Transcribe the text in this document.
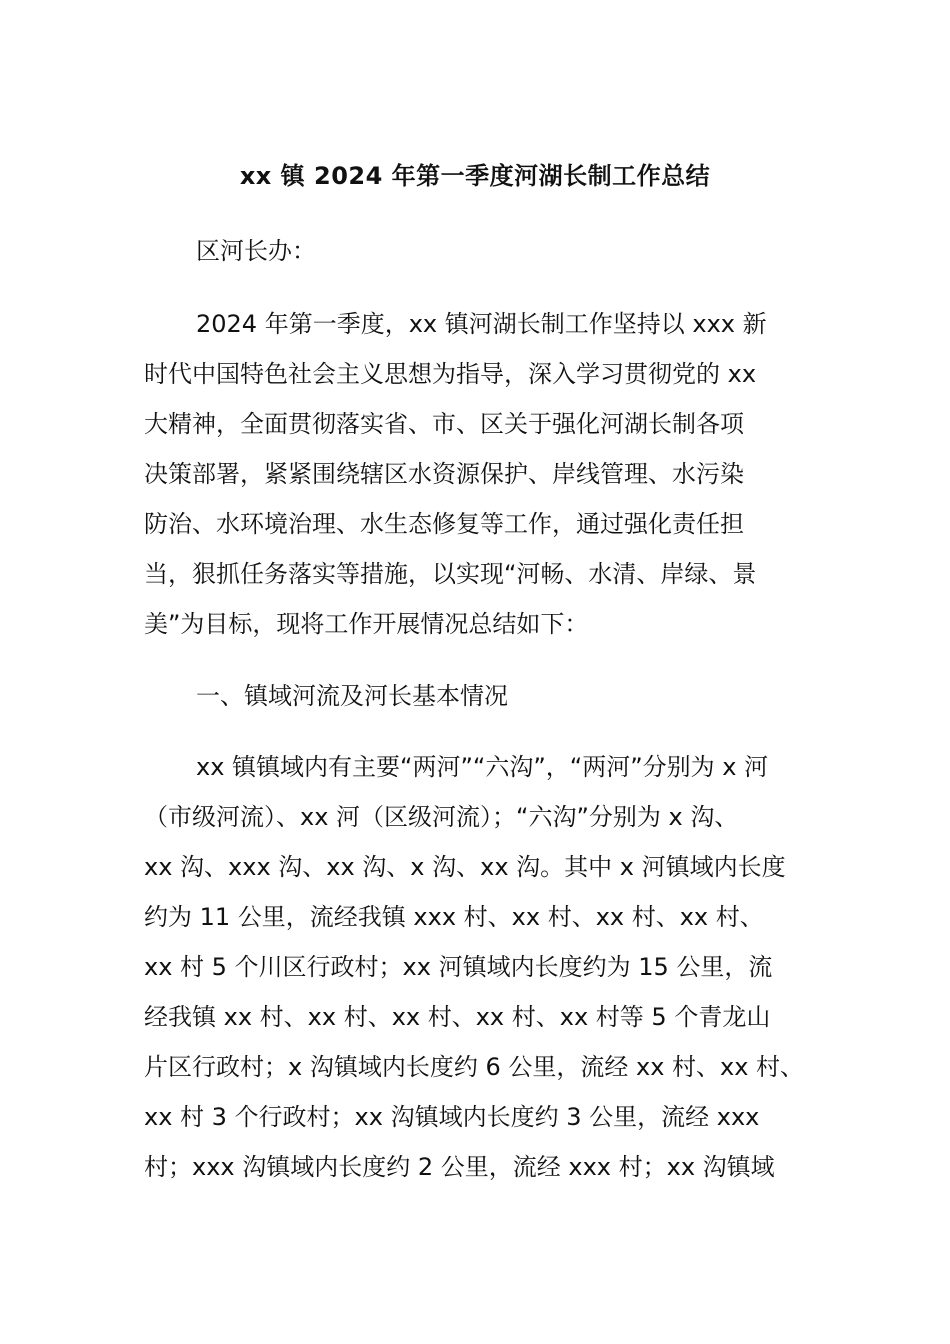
xx 镇 2024 年第一季度河湖长制工作总结
区河长办：
2024 年第一季度，xx 镇河湖长制工作坚持以 xxx 新
时代中国特色社会主义思想为指导，深入学习贯彻党的 xx
大精神，全面贯彻落实省、市、区关于强化河湖长制各项
决策部署，紧紧围绕辖区水资源保护、岸线管理、水污染
防治、水环境治理、水生态修复等工作，通过强化责任担
当，狠抓任务落实等措施，以实现“河畅、水清、岸绿、景
美”为目标，现将工作开展情况总结如下：
一、镇域河流及河长基本情况
xx 镇镇域内有主要“两河”“六沟”，“两河”分别为 x 河
（市级河流）、xx 河（区级河流）；“六沟”分别为 x 沟、
xx 沟、xxx 沟、xx 沟、x 沟、xx 沟。其中 x 河镇域内长度
约为 11 公里，流经我镇 xxx 村、xx 村、xx 村、xx 村、
xx 村 5 个川区行政村；xx 河镇域内长度约为 15 公里，流
经我镇 xx 村、xx 村、xx 村、xx 村、xx 村等 5 个青龙山
片区行政村；x 沟镇域内长度约 6 公里，流经 xx 村、xx 村、
xx 村 3 个行政村；xx 沟镇域内长度约 3 公里，流经 xxx
村；xxx 沟镇域内长度约 2 公里，流经 xxx 村；xx 沟镇域
